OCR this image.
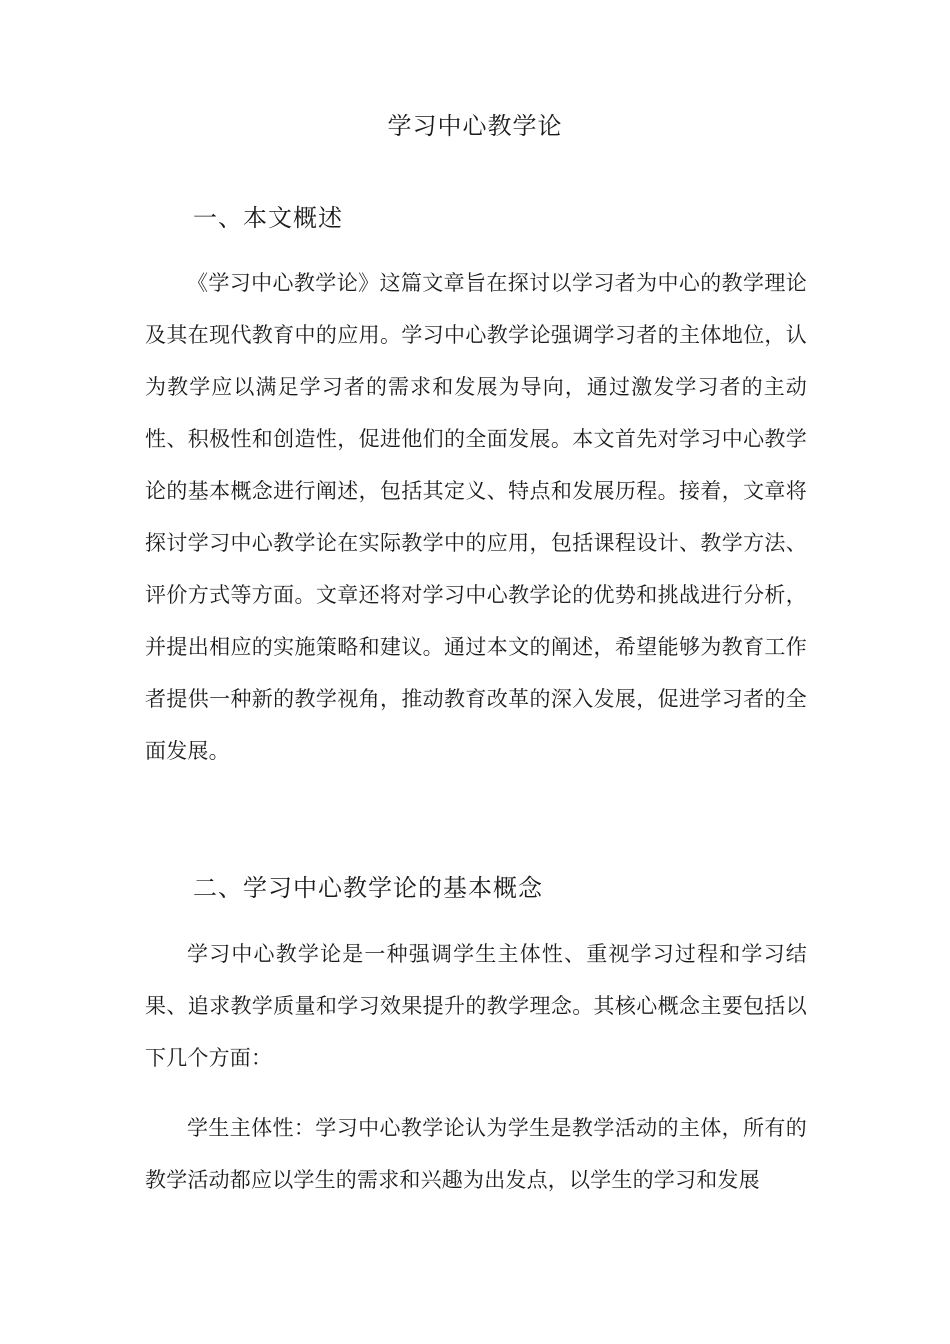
学习中心教学论
一、本文概述
《学习中心教学论》这篇文章旨在探讨以学习者为中心的教学理论及其在现代教育中的应用。学习中心教学论强调学习者的主体地位，认为教学应以满足学习者的需求和发展为导向，通过激发学习者的主动性、积极性和创造性，促进他们的全面发展。本文首先对学习中心教学论的基本概念进行阐述，包括其定义、特点和发展历程。接着，文章将探讨学习中心教学论在实际教学中的应用，包括课程设计、教学方法、评价方式等方面。文章还将对学习中心教学论的优势和挑战进行分析，并提出相应的实施策略和建议。通过本文的阐述，希望能够为教育工作者提供一种新的教学视角，推动教育改革的深入发展，促进学习者的全面发展。
二、学习中心教学论的基本概念
学习中心教学论是一种强调学生主体性、重视学习过程和学习结果、追求教学质量和学习效果提升的教学理念。其核心概念主要包括以下几个方面：
学生主体性：学习中心教学论认为学生是教学活动的主体，所有的教学活动都应以学生的需求和兴趣为出发点，以学生的学习和发展
